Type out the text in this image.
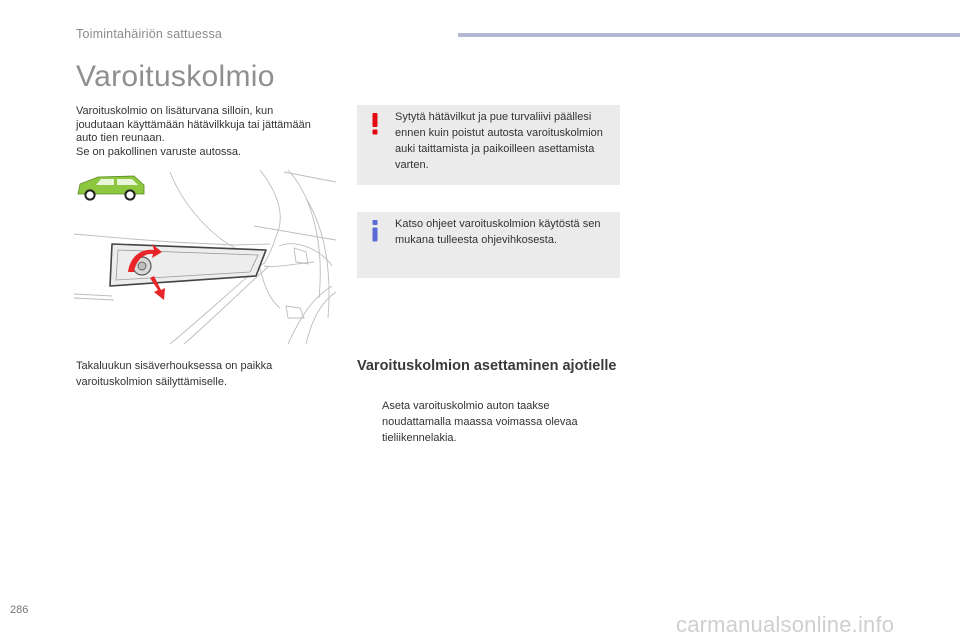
Toimintahäiriön sattuessa
Varoituskolmio

Varoituskolmio on lisäturvana silloin, kun joudutaan käyttämään hätävilkkuja tai jättämään auto tien reunaan.

Se on pakollinen varuste autossa.

Takaluukun sisäverhouksessa on paikka varoituskolmion säilyttämiselle.
Sytytä hätävilkut ja pue turvaliivi päällesi ennen kuin poistut autosta varoituskolmion auki taittamista ja paikoilleen asettamista varten.
Katso ohjeet varoituskolmion käytöstä sen mukana tulleesta ohjevihkosesta.
Varoituskolmion asettaminen ajotielle
Aseta varoituskolmio auton taakse noudattamalla maassa voimassa olevaa tieliikennelakia.
286
carmanualsonline.info
